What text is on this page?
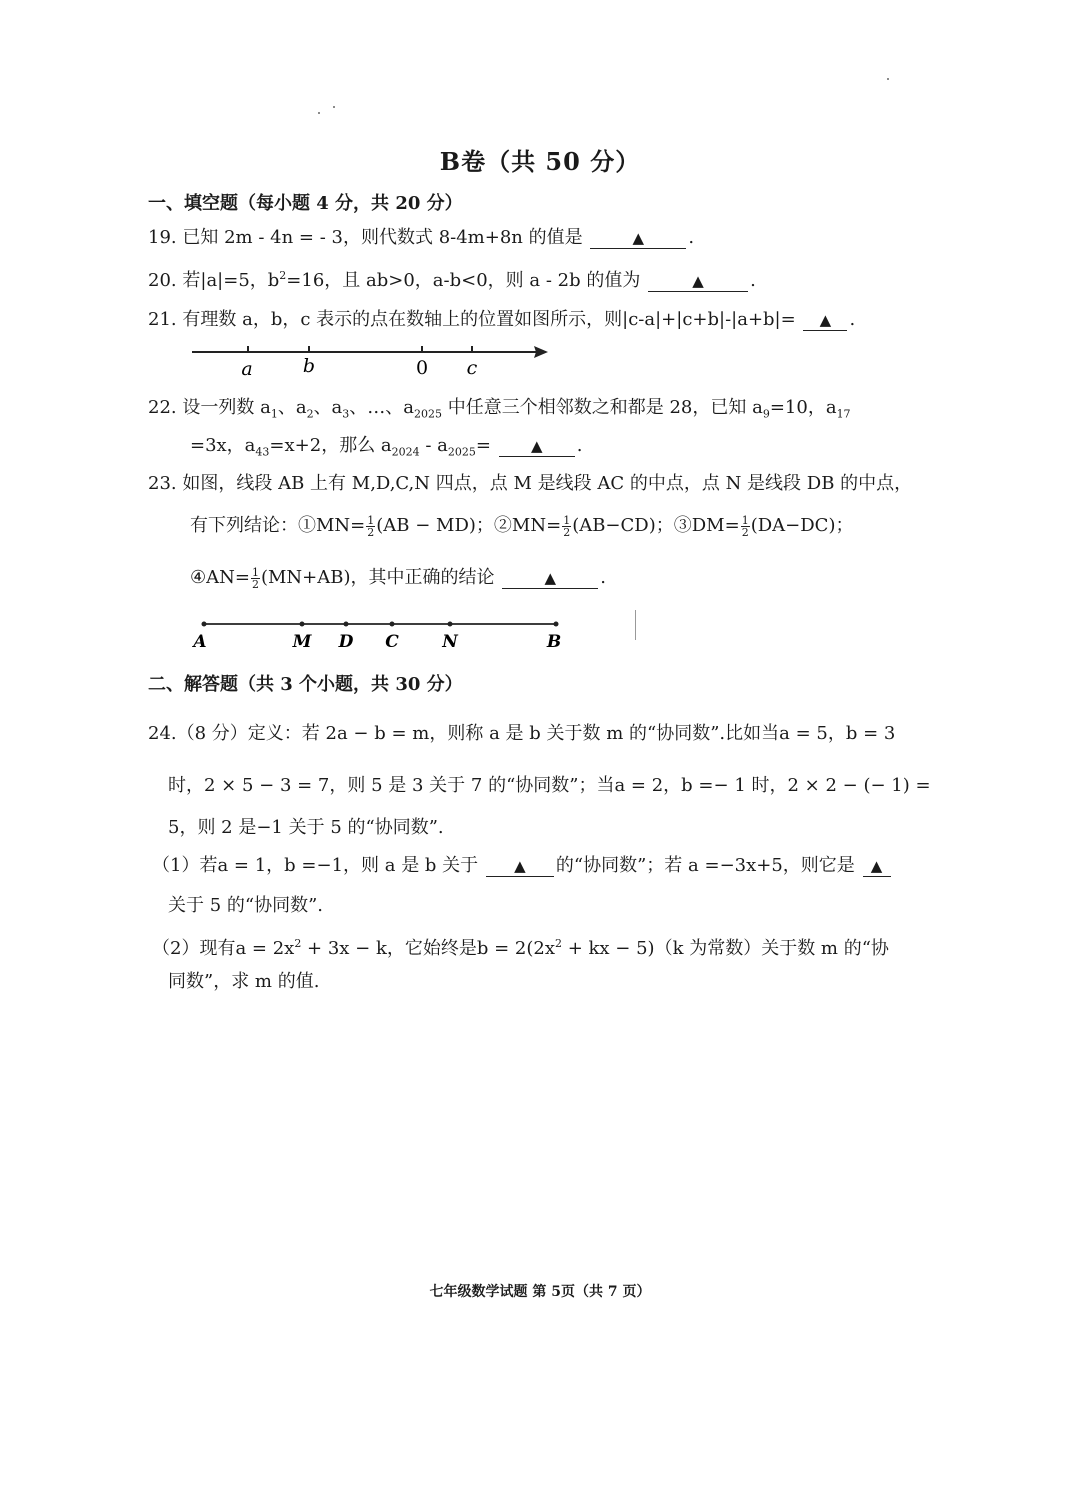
B卷（共 50 分）
一、填空题（每小题 4 分，共 20 分）
19. 已知 2m - 4n = - 3，则代数式 8-4m+8n 的值是	▲ .
20. 若|a|=5，$b^2=16$，且 ab>0，a-b<0，则 a - 2b 的值为	▲	.
21. 有理数 a，b，c 表示的点在数轴上的位置如图所示，则|c-a|+|c+b|-|a+b|= ▲ .
a	b	0 c
22. 设一列数 $a_1$、$a_2$、$a_3$、…、$a_{2025}$ 中任意三个相邻数之和都是 28，已知 $a_9=10$，$a_{17}$
=3x，$a_{43}=x+2$，那么 $a_{2024} - a_{2025}=$	▲ .
23. 如图，线段 AB 上有 M,D,C,N 四点，点 M 是线段 AC 的中点，点 N 是线段 DB 的中点，
有下列结论：①MN= $\frac{1}{2} (AB - MD)$；②MN= $\frac{1}{2} (AB-CD)$；③DM= $\frac{1}{2} (DA-DC)$；
④AN= $\frac{1}{2} (MN+AB)$，其中正确的结论	▲ .
A	M D C	N	B
二、解答题（共 3 个小题，共 30 分）
24.（8 分）定义：若 2a − b = m，则称 a 是 b 关于数 m 的“协同数”.比如当a = 5，b = 3
时，2 × 5 − 3 = 7，则 5 是 3 关于 7 的“协同数”；当a = 2，b =− 1 时，2 × 2 − (− 1) =
5，则 2 是−1 关于 5 的“协同数”.
（1）若a = 1，b =−1，则 a 是 b 关于 ▲ 的“协同数”；若 a =−3x+5，则它是 ▲
关于 5 的“协同数”.
（2）现有$a = 2x^2 + 3x - k$，它始终是$b = 2(2x^2$ + kx − 5)（k 为常数）关于数 m 的“协
同数”，求 m 的值.
七年级数学试题 第 5页（共 7 页）
